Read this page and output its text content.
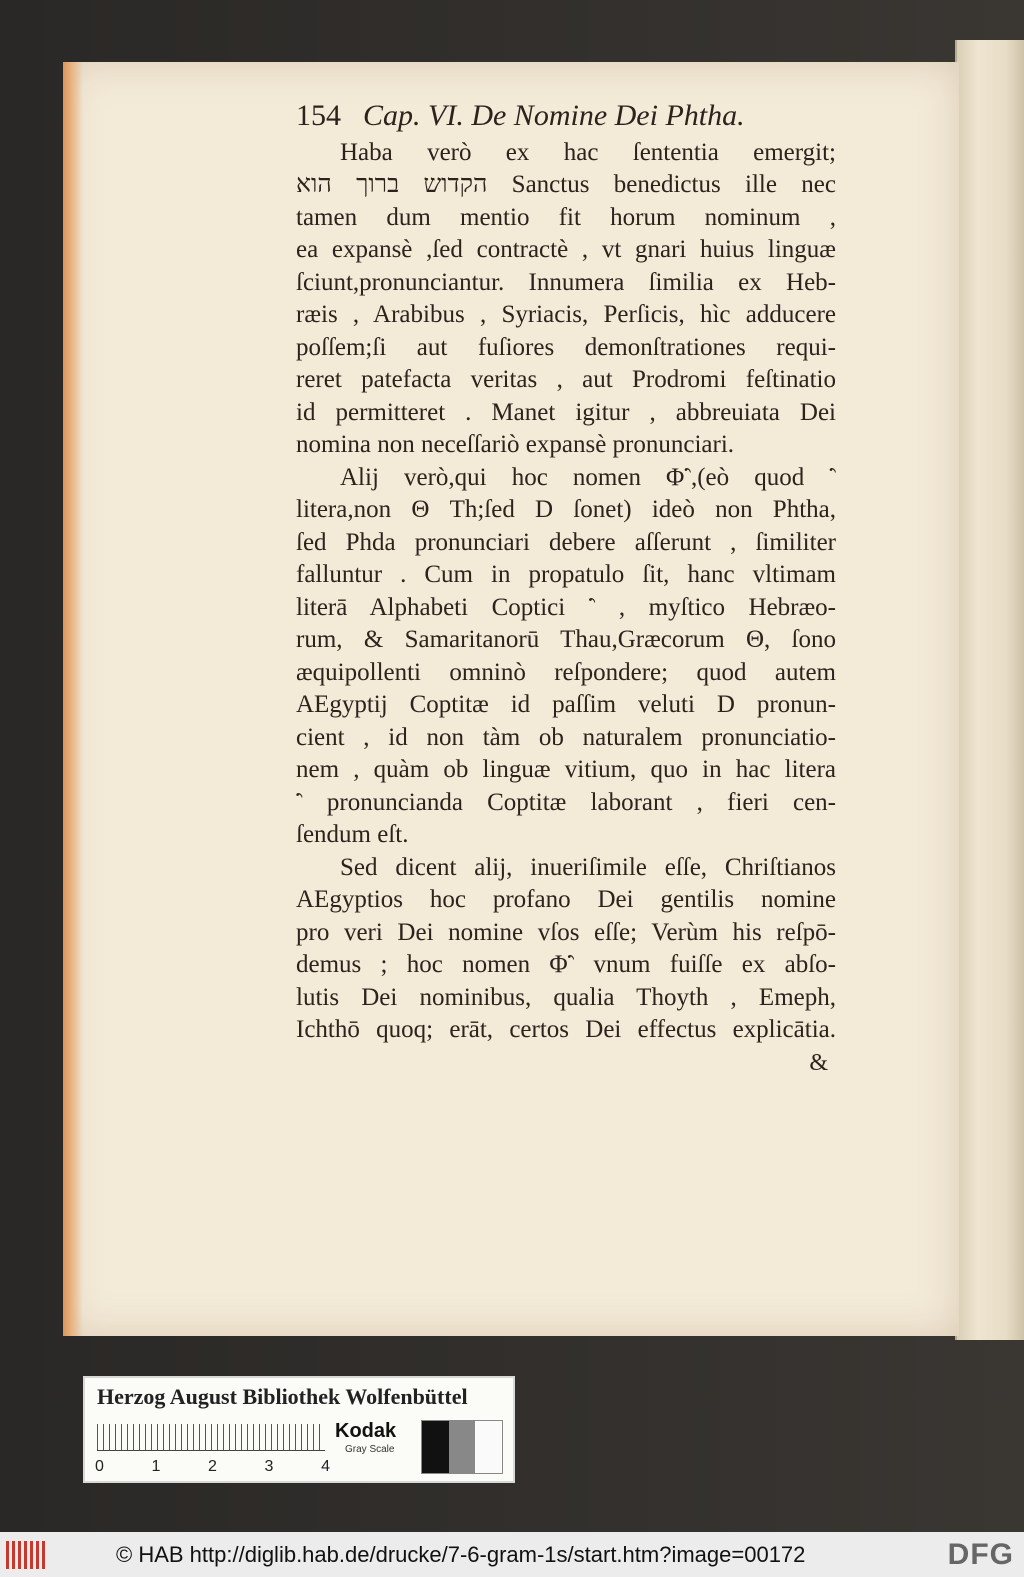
154 Cap. VI. De Nomine Dei Phtha.
Haba verò ex hac ſententia emergit;
הקדוש ברוך הוא Sanctus benedictus ille nec
tamen dum mentio fit horum nominum ,
ea expansè ,ſed contractè , vt gnari huius linguæ
ſciunt,pronunciantur. Innumera ſimilia ex Heb-
ræis , Arabibus , Syriacis, Perſicis, hìc adducere
poſſem;ſi aut fuſiores demonſtrationes requi-
reret patefacta veritas , aut Prodromi feſtinatio
id permitteret . Manet igitur , abbreuiata Dei
nomina non neceſſariò expansè pronunciari.
Alij verò,qui hoc nomen Φ⳿,(eò quod ⳿
litera,non Θ Th;ſed D ſonet) ideò non Phtha,
ſed Phda pronunciari debere aſſerunt , ſimiliter
falluntur . Cum in propatulo ſit, hanc vltimam
literā Alphabeti Coptici ⳿ , myſtico Hebræo-
rum, & Samaritanorū Thau,Græcorum Θ, ſono
æquipollenti omninò reſpondere; quod autem
AEgyptij Coptitæ id paſſim veluti D pronun-
cient , id non tàm ob naturalem pronunciatio-
nem , quàm ob linguæ vitium, quo in hac litera
⳿ pronuncianda Coptitæ laborant , fieri cen-
ſendum eſt.
Sed dicent alij, inueriſimile eſſe, Chriſtianos
AEgyptios hoc profano Dei gentilis nomine
pro veri Dei nomine vſos eſſe; Verùm his reſpō-
demus ; hoc nomen Φ⳿ vnum fuiſſe ex abſo-
lutis Dei nominibus, qualia Thoyth , Emeph,
Ichthō quoq; erāt, certos Dei effectus explicātia.
&
Herzog August Bibliothek Wolfenbüttel
0	1	2	3	4
Kodak
Gray Scale
© HAB http://diglib.hab.de/drucke/7-6-gram-1s/start.htm?image=00172	DFG
